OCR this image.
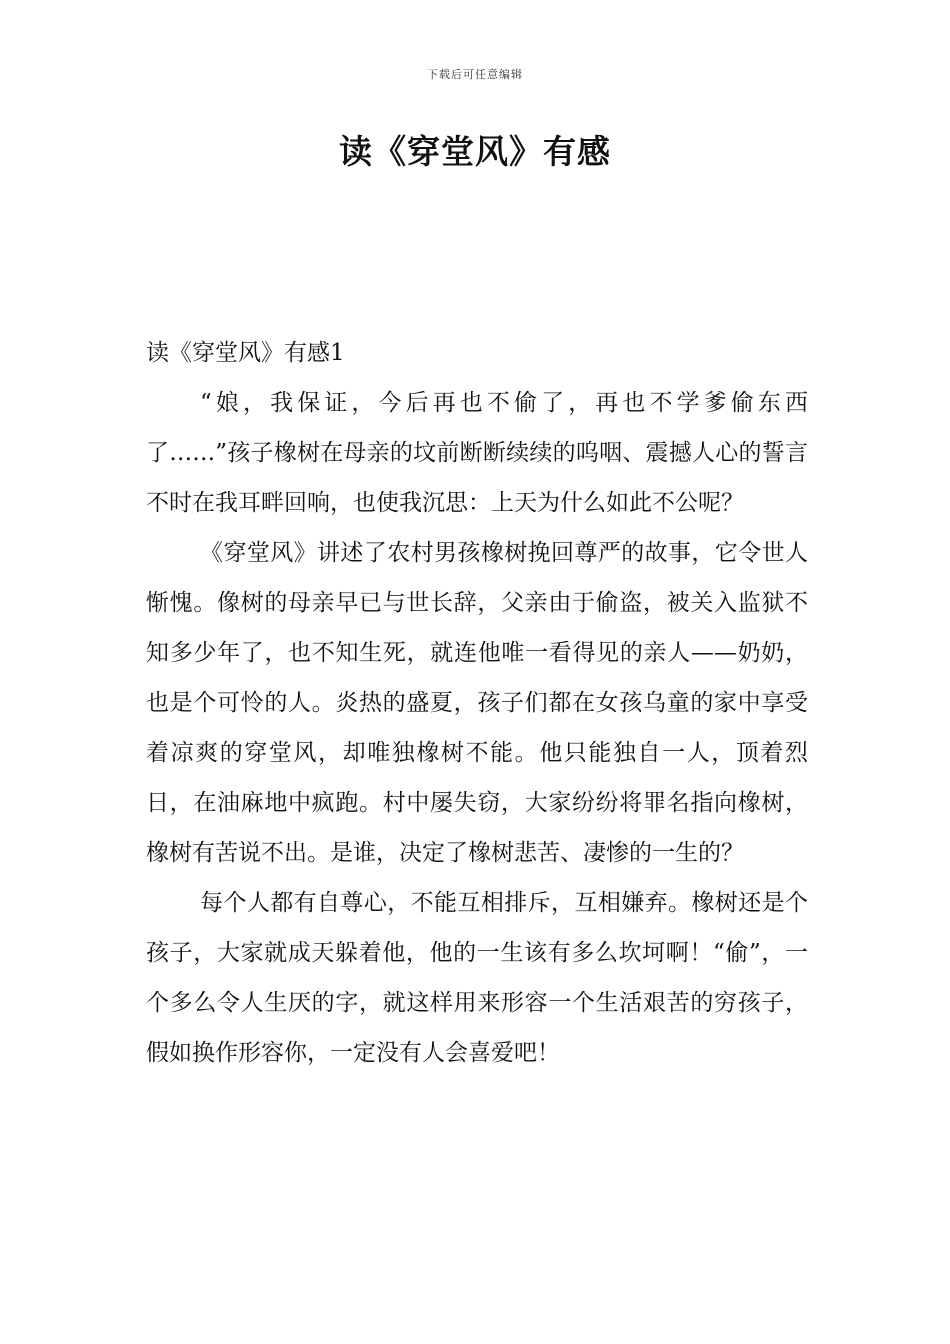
下载后可任意编辑
读《穿堂风》有感

读《穿堂风》有感1

“娘，我保证，今后再也不偷了，再也不学爹偷东西了……”孩子橡树在母亲的坟前断断续续的呜咽、震撼人心的誓言不时在我耳畔回响，也使我沉思：上天为什么如此不公呢？

《穿堂风》讲述了农村男孩橡树挽回尊严的故事，它令世人惭愧。像树的母亲早已与世长辞，父亲由于偷盗，被关入监狱不知多少年了，也不知生死，就连他唯一看得见的亲人——奶奶，也是个可怜的人。炎热的盛夏，孩子们都在女孩乌童的家中享受着凉爽的穿堂风，却唯独橡树不能。他只能独自一人，顶着烈日，在油麻地中疯跑。村中屡失窃，大家纷纷将罪名指向橡树，橡树有苦说不出。是谁，决定了橡树悲苦、凄惨的一生的？

每个人都有自尊心，不能互相排斥，互相嫌弃。橡树还是个孩子，大家就成天躲着他，他的一生该有多么坎坷啊！“偷”，一个多么令人生厌的字，就这样用来形容一个生活艰苦的穷孩子，假如换作形容你，一定没有人会喜爱吧！
